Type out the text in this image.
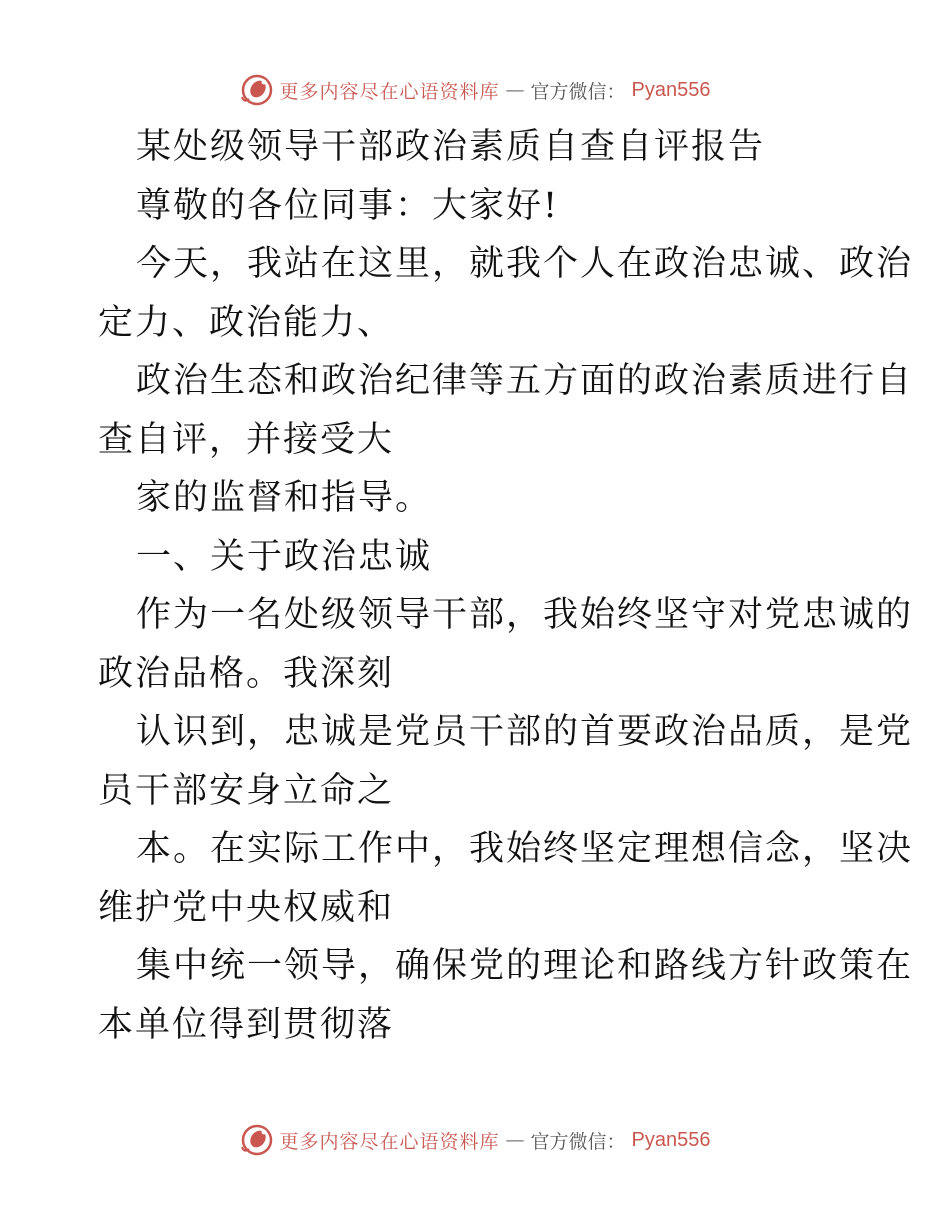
更多内容尽在心语资料库 — 官方微信： Pyan556
某处级领导干部政治素质自查自评报告
尊敬的各位同事：大家好!
今天，我站在这里，就我个人在政治忠诚、政治
定力、政治能力、
政治生态和政治纪律等五方面的政治素质进行自
查自评，并接受大
家的监督和指导。
一、关于政治忠诚
作为一名处级领导干部，我始终坚守对党忠诚的
政治品格。我深刻
认识到，忠诚是党员干部的首要政治品质，是党
员干部安身立命之
本。在实际工作中，我始终坚定理想信念，坚决
维护党中央权威和
集中统一领导，确保党的理论和路线方针政策在
本单位得到贯彻落
更多内容尽在心语资料库 — 官方微信： Pyan556
